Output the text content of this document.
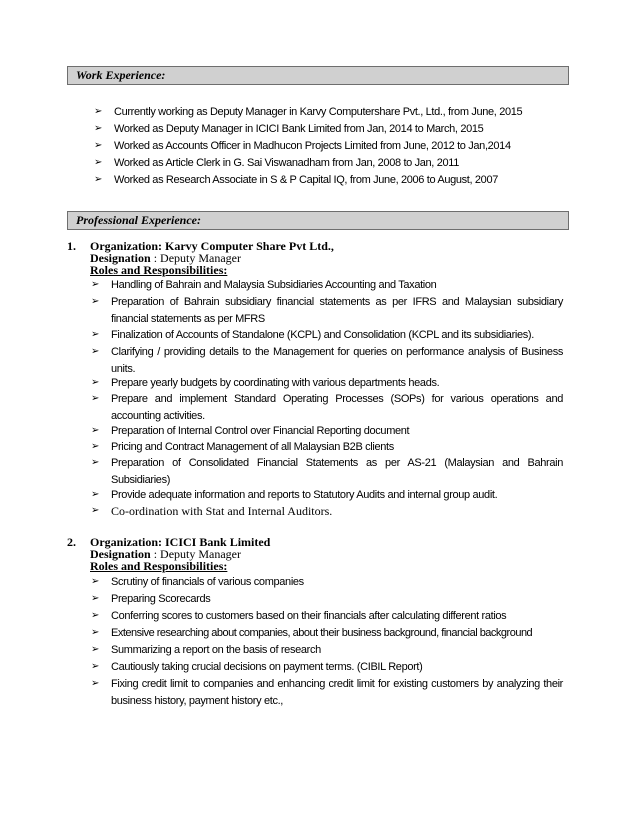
Work Experience:
➢	Currently working as Deputy Manager in Karvy Computershare Pvt., Ltd., from June, 2015
➢	Worked as Deputy Manager in ICICI Bank Limited from Jan, 2014 to March, 2015
➢	Worked as Accounts Officer in Madhucon Projects Limited from June, 2012 to Jan,2014
➢	Worked as Article Clerk in G. Sai Viswanadham from Jan, 2008 to Jan, 2011
➢	Worked as Research Associate in S & P Capital IQ, from June, 2006 to August, 2007
Professional Experience:
1. Organization: Karvy Computer Share Pvt Ltd.,
Designation : Deputy Manager
Roles and Responsibilities:
➢	Handling of Bahrain and Malaysia Subsidiaries Accounting and Taxation
➢	Preparation of Bahrain subsidiary financial statements as per IFRS and Malaysian subsidiary financial statements as per MFRS
➢	Finalization of Accounts of Standalone (KCPL) and Consolidation (KCPL and its subsidiaries).
➢	Clarifying / providing details to the Management for queries on performance analysis of Business units.
➢	Prepare yearly budgets by coordinating with various departments heads.
➢	Prepare and implement Standard Operating Processes (SOPs) for various operations and accounting activities.
➢	Preparation of Internal Control over Financial Reporting document
➢	Pricing and Contract Management of all Malaysian B2B clients
➢	Preparation of Consolidated Financial Statements as per AS-21 (Malaysian and Bahrain Subsidiaries)
➢	Provide adequate information and reports to Statutory Audits and internal group audit.
➢ Co-ordination with Stat and Internal Auditors.
2. Organization: ICICI Bank Limited
Designation : Deputy Manager
Roles and Responsibilities:
➢	Scrutiny of financials of various companies
➢	Preparing Scorecards
➢	Conferring scores to customers based on their financials after calculating different ratios
➢	Extensive researching about companies, about their business background, financial background
➢	Summarizing a report on the basis of research
➢	Cautiously taking crucial decisions on payment terms. (CIBIL Report)
➢	Fixing credit limit to companies and enhancing credit limit for existing customers by analyzing their business history, payment history etc.,
